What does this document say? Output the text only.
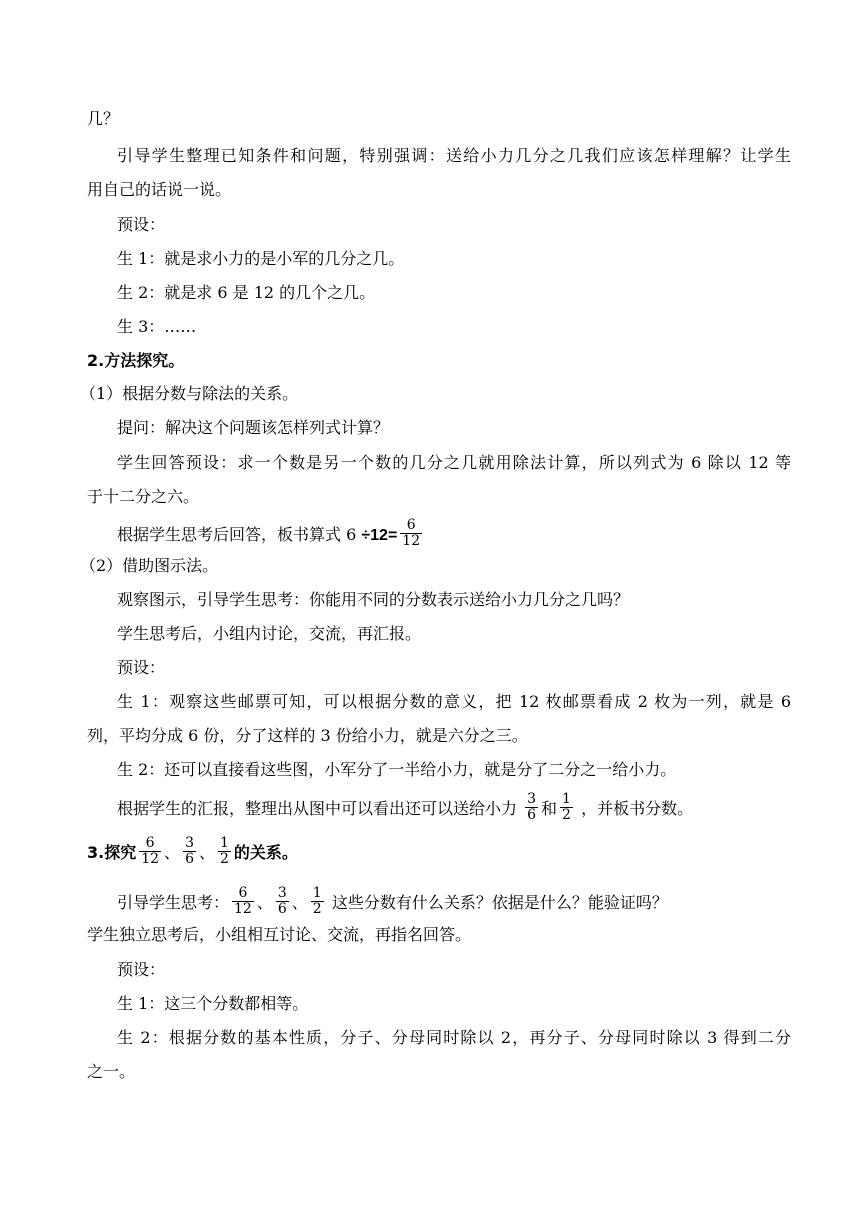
几？
引导学生整理已知条件和问题，特别强调：送给小力几分之几我们应该怎样理解？让学生
用自己的话说一说。
预设：
生 1：就是求小力的是小军的几分之几。
生 2：就是求 6 是 12 的几个之几。
生 3：……
2.方法探究。
（1）根据分数与除法的关系。
提问：解决这个问题该怎样列式计算？
学生回答预设：求一个数是另一个数的几分之几就用除法计算，所以列式为 6 除以 12 等
于十二分之六。
根据学生思考后回答，板书算式 $6 \div 12= \frac{6}{12}$
（2）借助图示法。
观察图示，引导学生思考：你能用不同的分数表示送给小力几分之几吗？
学生思考后，小组内讨论，交流，再汇报。
预设：
生 1：观察这些邮票可知，可以根据分数的意义，把 12 枚邮票看成 2 枚为一列，就是 6
列，平均分成 6 份，分了这样的 3 份给小力，就是六分之三。
生 2：还可以直接看这些图，小军分了一半给小力，就是分了二分之一给小力。
根据学生的汇报，整理出从图中可以看出还可以送给小力 $\frac{3}{6}$ 和 $\frac{1}{2}$ ，并板书分数。
3.探究 $\frac{6}{12}$ 、 $\frac{3}{6}$ 、 $\frac{1}{2}$ 的关系。
引导学生思考： $\frac{6}{12}$ 、 $\frac{3}{6}$ 、 $\frac{1}{2}$ 这些分数有什么关系？依据是什么？能验证吗？
学生独立思考后，小组相互讨论、交流，再指名回答。
预设：
生 1：这三个分数都相等。
生 2：根据分数的基本性质，分子、分母同时除以 2，再分子、分母同时除以 3 得到二分
之一。
